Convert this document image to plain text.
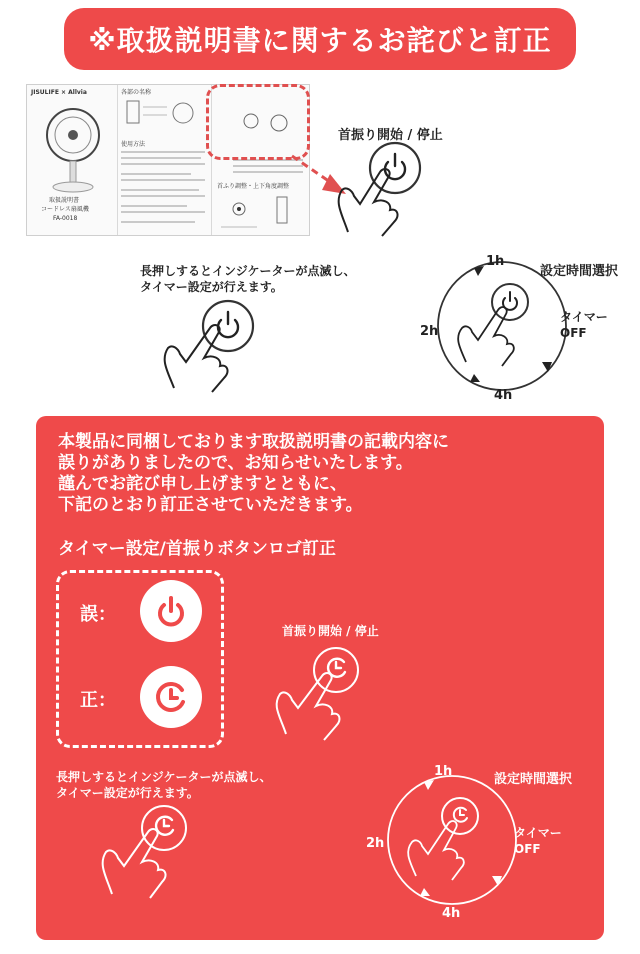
※取扱説明書に関するお詫びと訂正
JISULIFE × Allvia
取扱説明書
コードレス扇風機
FA-0018
各部の名称
使用方法
首ふり調整・上下角度調整
首振り開始 / 停止
長押しするとインジケーターが点滅し、
タイマー設定が行えます。
設定時間選択
1h
2h
4h
タイマー
OFF
本製品に同梱しております取扱説明書の記載内容に
誤りがありましたので、お知らせいたします。
謹んでお詫び申し上げますとともに、
下記のとおり訂正させていただきます。
タイマー設定/首振りボタンロゴ訂正
誤：
正：
首振り開始 / 停止
長押しするとインジケーターが点滅し、
タイマー設定が行えます。
設定時間選択
1h
2h
4h
タイマー
OFF
